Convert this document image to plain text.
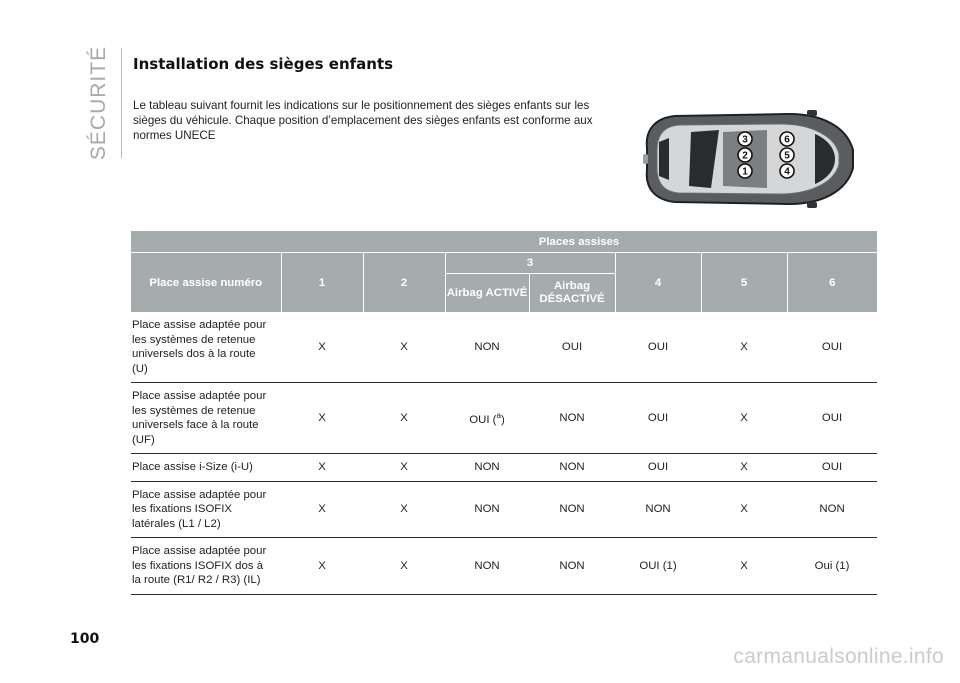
SÉCURITÉ Installation des sièges enfants

Le tableau suivant fournit les indications sur le positionnement des sièges enfants sur les sièges du véhicule. Chaque position d’emplacement des sièges enfants est conforme aux normes UNECE

1
2
3
4
5
6
	Places assises						
Place assise numéro	1	2	3		4	5	6
			Airbag ACTIVÉ	Airbag DÉSACTIVÉ			
Place assise adaptée pour les systèmes de retenue universels dos à la route (U)	X	X	NON	OUI	OUI	X	OUI
Place assise adaptée pour les systèmes de retenue universels face à la route (UF)	X	X	OUI ($^a$)	NON	OUI	X	OUI
Place assise i-Size (i-U)	X	X	NON	NON	OUI	X	OUI
Place assise adaptée pour les fixations ISOFIX latérales (L1 / L2)	X	X	NON	NON	NON	X	NON
Place assise adaptée pour les fixations ISOFIX dos à la route (R1/ R2 / R3) (IL)	X	X	NON	NON	OUI (1)	X	Oui (1)
100
carmanualsonline.info
